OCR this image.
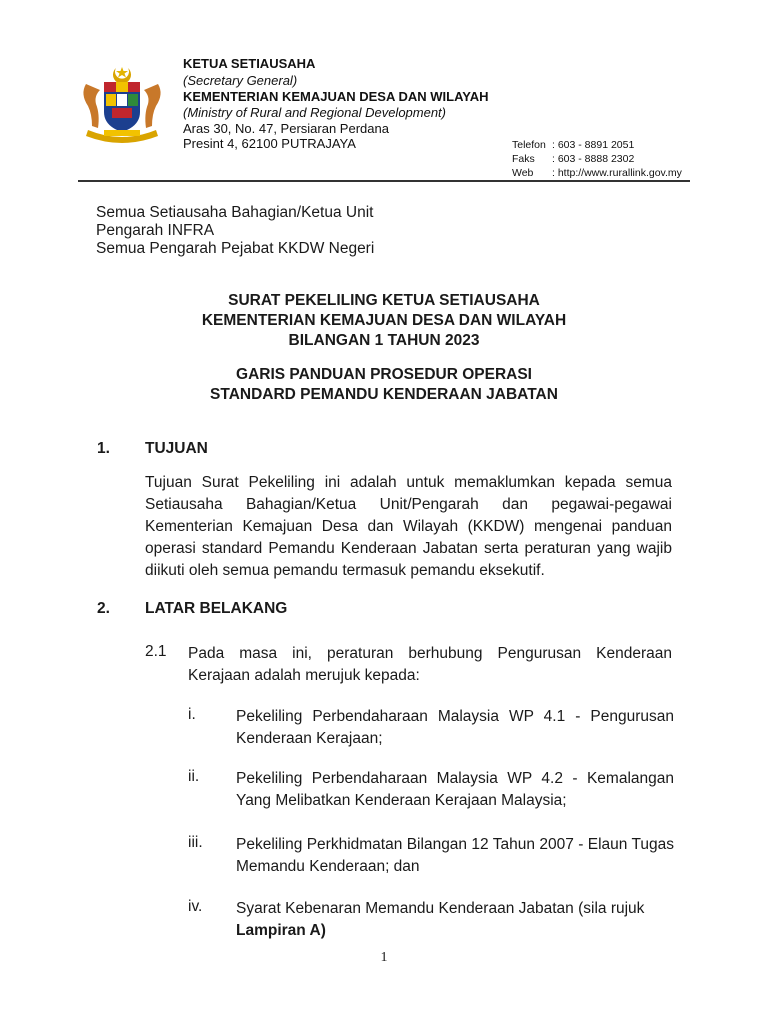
KETUA SETIAUSAHA
(Secretary General)
KEMENTERIAN KEMAJUAN DESA DAN WILAYAH
(Ministry of Rural and Regional Development)
Aras 30, No. 47, Persiaran Perdana
Presint 4, 62100 PUTRAJAYA	Telefon : 603 - 8891 2051
Faks : 603 - 8888 2302
Web : http://www.rurallink.gov.my
Semua Setiausaha Bahagian/Ketua Unit
Pengarah INFRA
Semua Pengarah Pejabat KKDW Negeri
SURAT PEKELILING KETUA SETIAUSAHA
KEMENTERIAN KEMAJUAN DESA DAN WILAYAH
BILANGAN 1 TAHUN 2023
GARIS PANDUAN PROSEDUR OPERASI
STANDARD PEMANDU KENDERAAN JABATAN
1. TUJUAN
Tujuan Surat Pekeliling ini adalah untuk memaklumkan kepada semua Setiausaha Bahagian/Ketua Unit/Pengarah dan pegawai-pegawai Kementerian Kemajuan Desa dan Wilayah (KKDW) mengenai panduan operasi standard Pemandu Kenderaan Jabatan serta peraturan yang wajib diikuti oleh semua pemandu termasuk pemandu eksekutif.
2. LATAR BELAKANG
2.1 Pada masa ini, peraturan berhubung Pengurusan Kenderaan Kerajaan adalah merujuk kepada:
i.	Pekeliling Perbendaharaan Malaysia WP 4.1 - Pengurusan Kenderaan Kerajaan;
ii. Pekeliling Perbendaharaan Malaysia WP 4.2 - Kemalangan Yang Melibatkan Kenderaan Kerajaan Malaysia;
iii. Pekeliling Perkhidmatan Bilangan 12 Tahun 2007 - Elaun Tugas Memandu Kenderaan; dan
iv. Syarat Kebenaran Memandu Kenderaan Jabatan (sila rujuk
Lampiran A)
1
